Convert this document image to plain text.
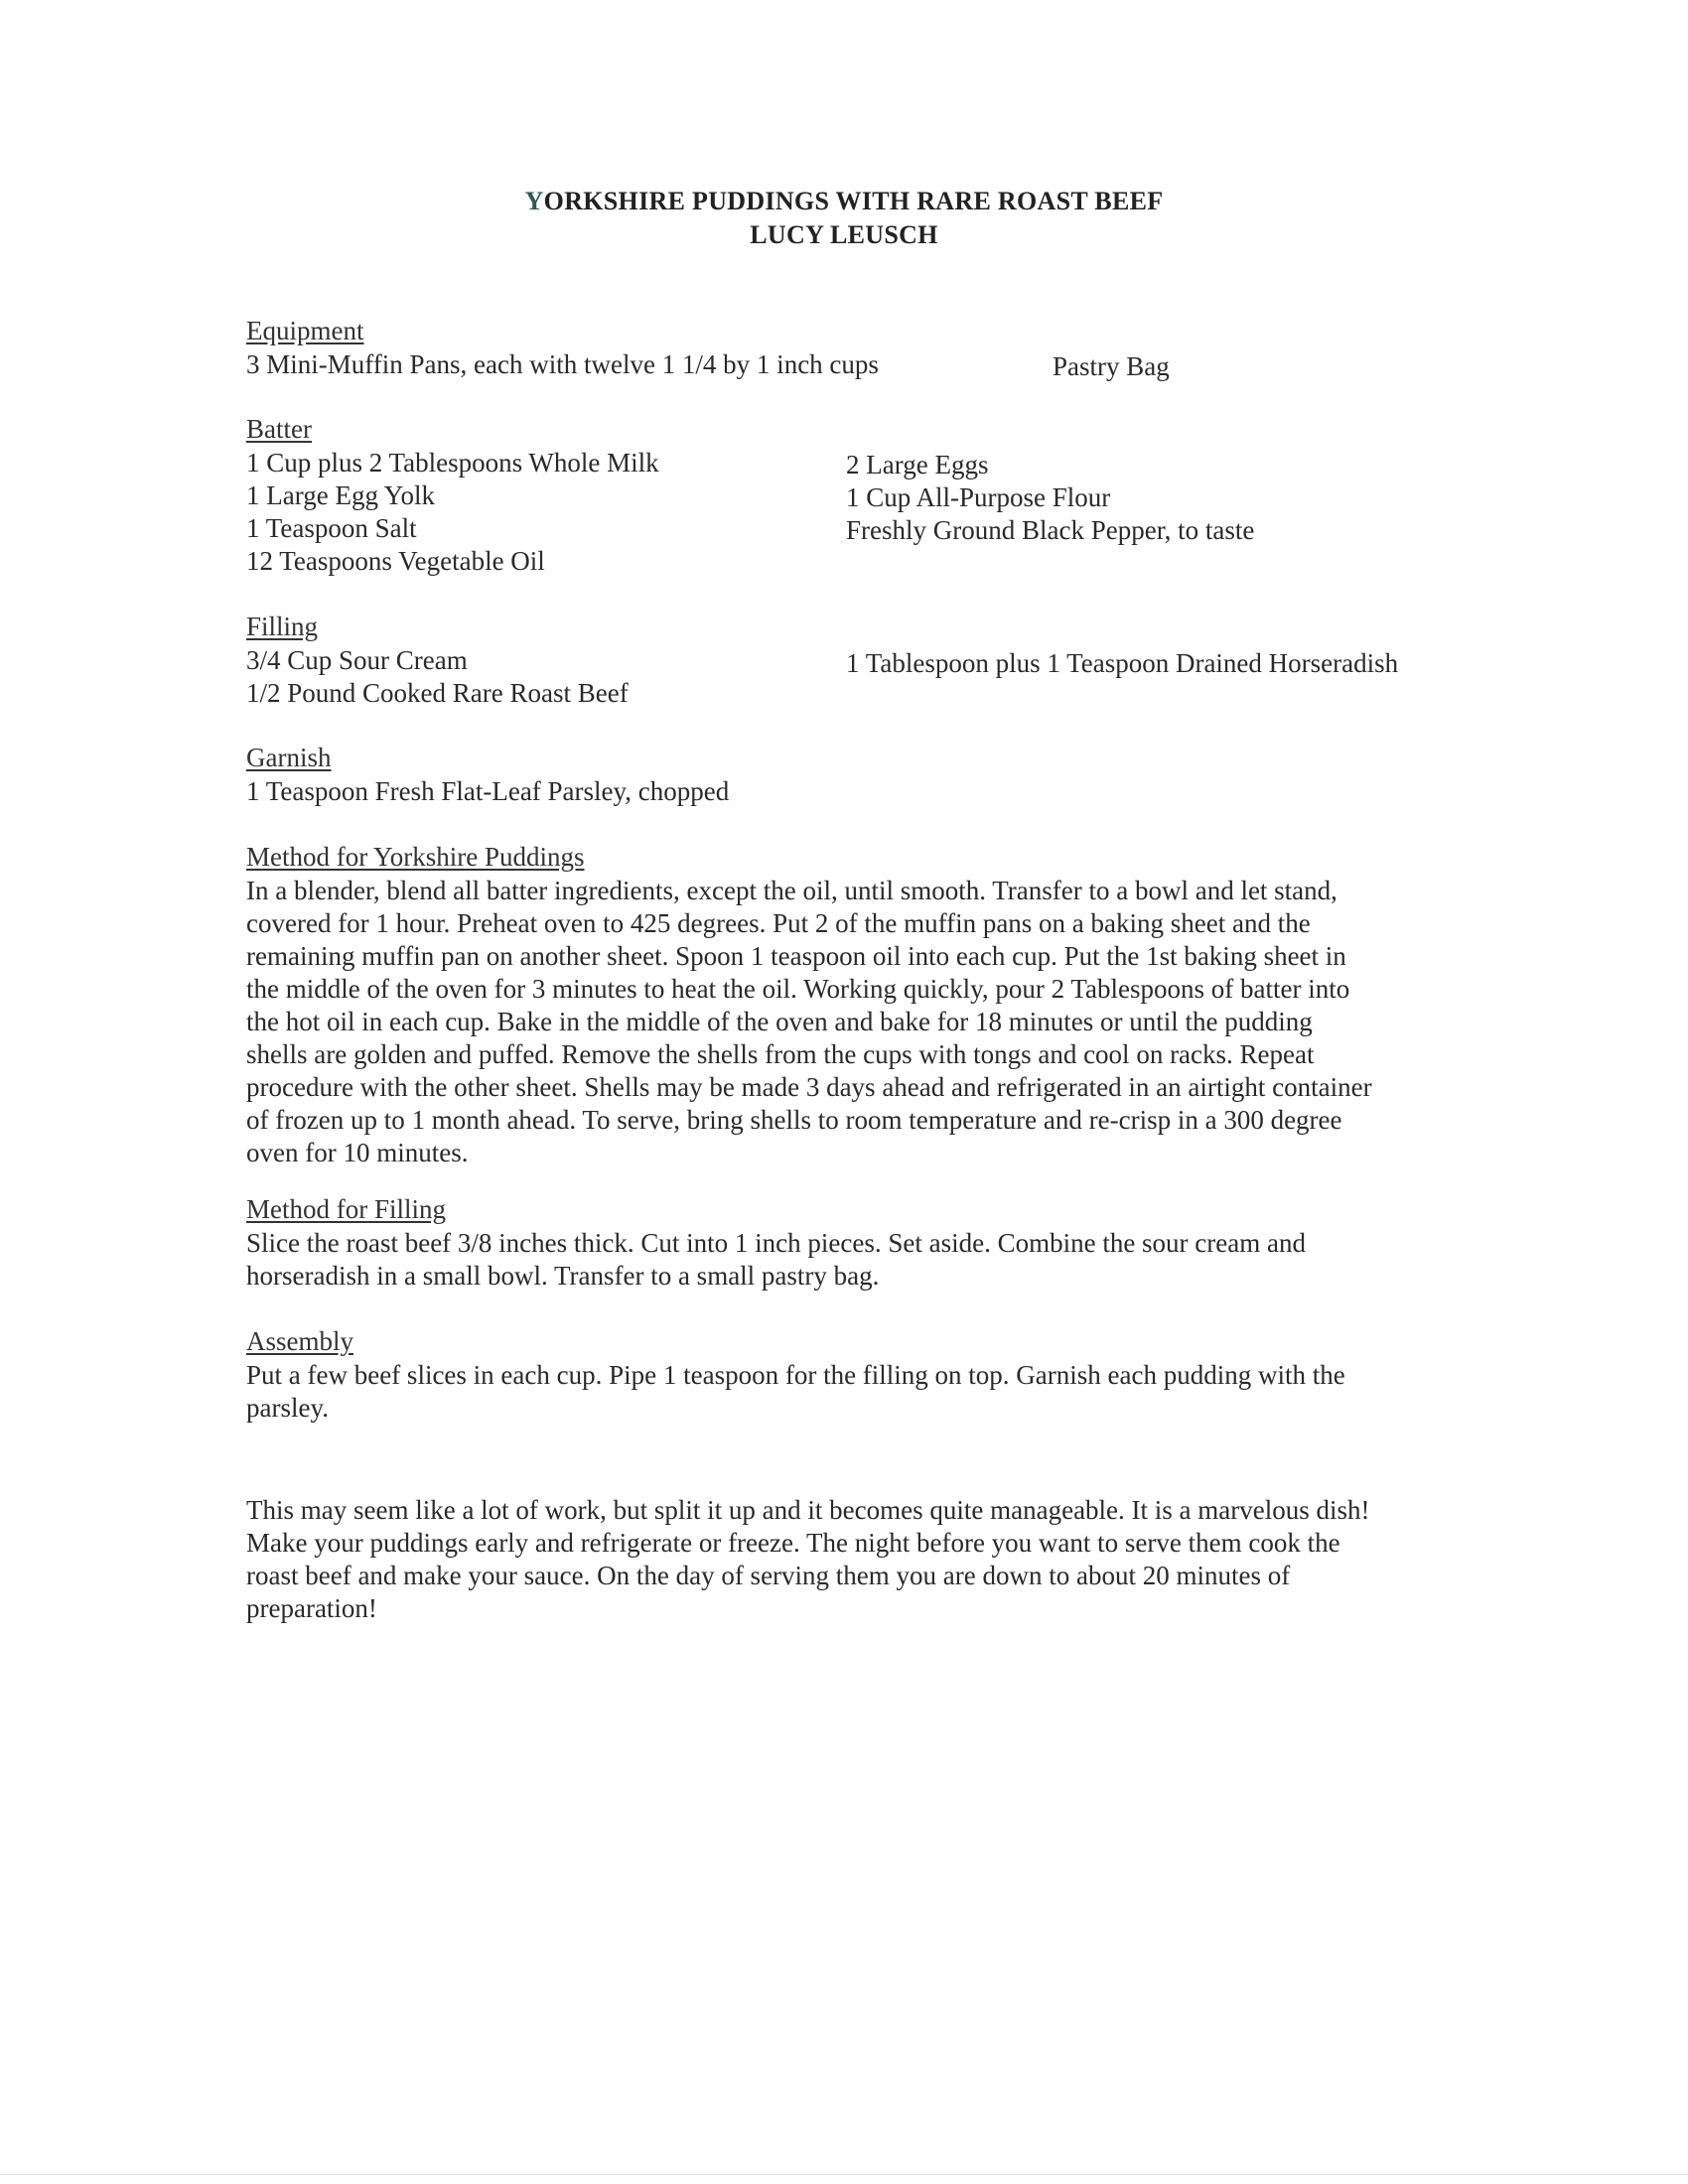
YORKSHIRE PUDDINGS WITH RARE ROAST BEEF
LUCY LEUSCH
Equipment
3 Mini-Muffin Pans, each with twelve 1 1/4 by 1 inch cups	Pastry Bag
Batter
1 Cup plus 2 Tablespoons Whole Milk
1 Large Egg Yolk
1 Teaspoon Salt
12 Teaspoons Vegetable Oil
2 Large Eggs
1 Cup All-Purpose Flour
Freshly Ground Black Pepper, to taste
Filling
3/4 Cup Sour Cream
1/2 Pound Cooked Rare Roast Beef
1 Tablespoon plus 1 Teaspoon Drained Horseradish
Garnish
1 Teaspoon Fresh Flat-Leaf Parsley, chopped
Method for Yorkshire Puddings
In a blender, blend all batter ingredients, except the oil, until smooth. Transfer to a bowl and let stand,
covered for 1 hour. Preheat oven to 425 degrees. Put 2 of the muffin pans on a baking sheet and the
remaining muffin pan on another sheet. Spoon 1 teaspoon oil into each cup. Put the 1st baking sheet in
the middle of the oven for 3 minutes to heat the oil. Working quickly, pour 2 Tablespoons of batter into
the hot oil in each cup. Bake in the middle of the oven and bake for 18 minutes or until the pudding
shells are golden and puffed. Remove the shells from the cups with tongs and cool on racks. Repeat
procedure with the other sheet. Shells may be made 3 days ahead and refrigerated in an airtight container
of frozen up to 1 month ahead. To serve, bring shells to room temperature and re-crisp in a 300 degree
oven for 10 minutes.
Method for Filling
Slice the roast beef 3/8 inches thick. Cut into 1 inch pieces. Set aside. Combine the sour cream and
horseradish in a small bowl. Transfer to a small pastry bag.
Assembly
Put a few beef slices in each cup. Pipe 1 teaspoon for the filling on top. Garnish each pudding with the
parsley.
This may seem like a lot of work, but split it up and it becomes quite manageable. It is a marvelous dish!
Make your puddings early and refrigerate or freeze. The night before you want to serve them cook the
roast beef and make your sauce. On the day of serving them you are down to about 20 minutes of
preparation!
